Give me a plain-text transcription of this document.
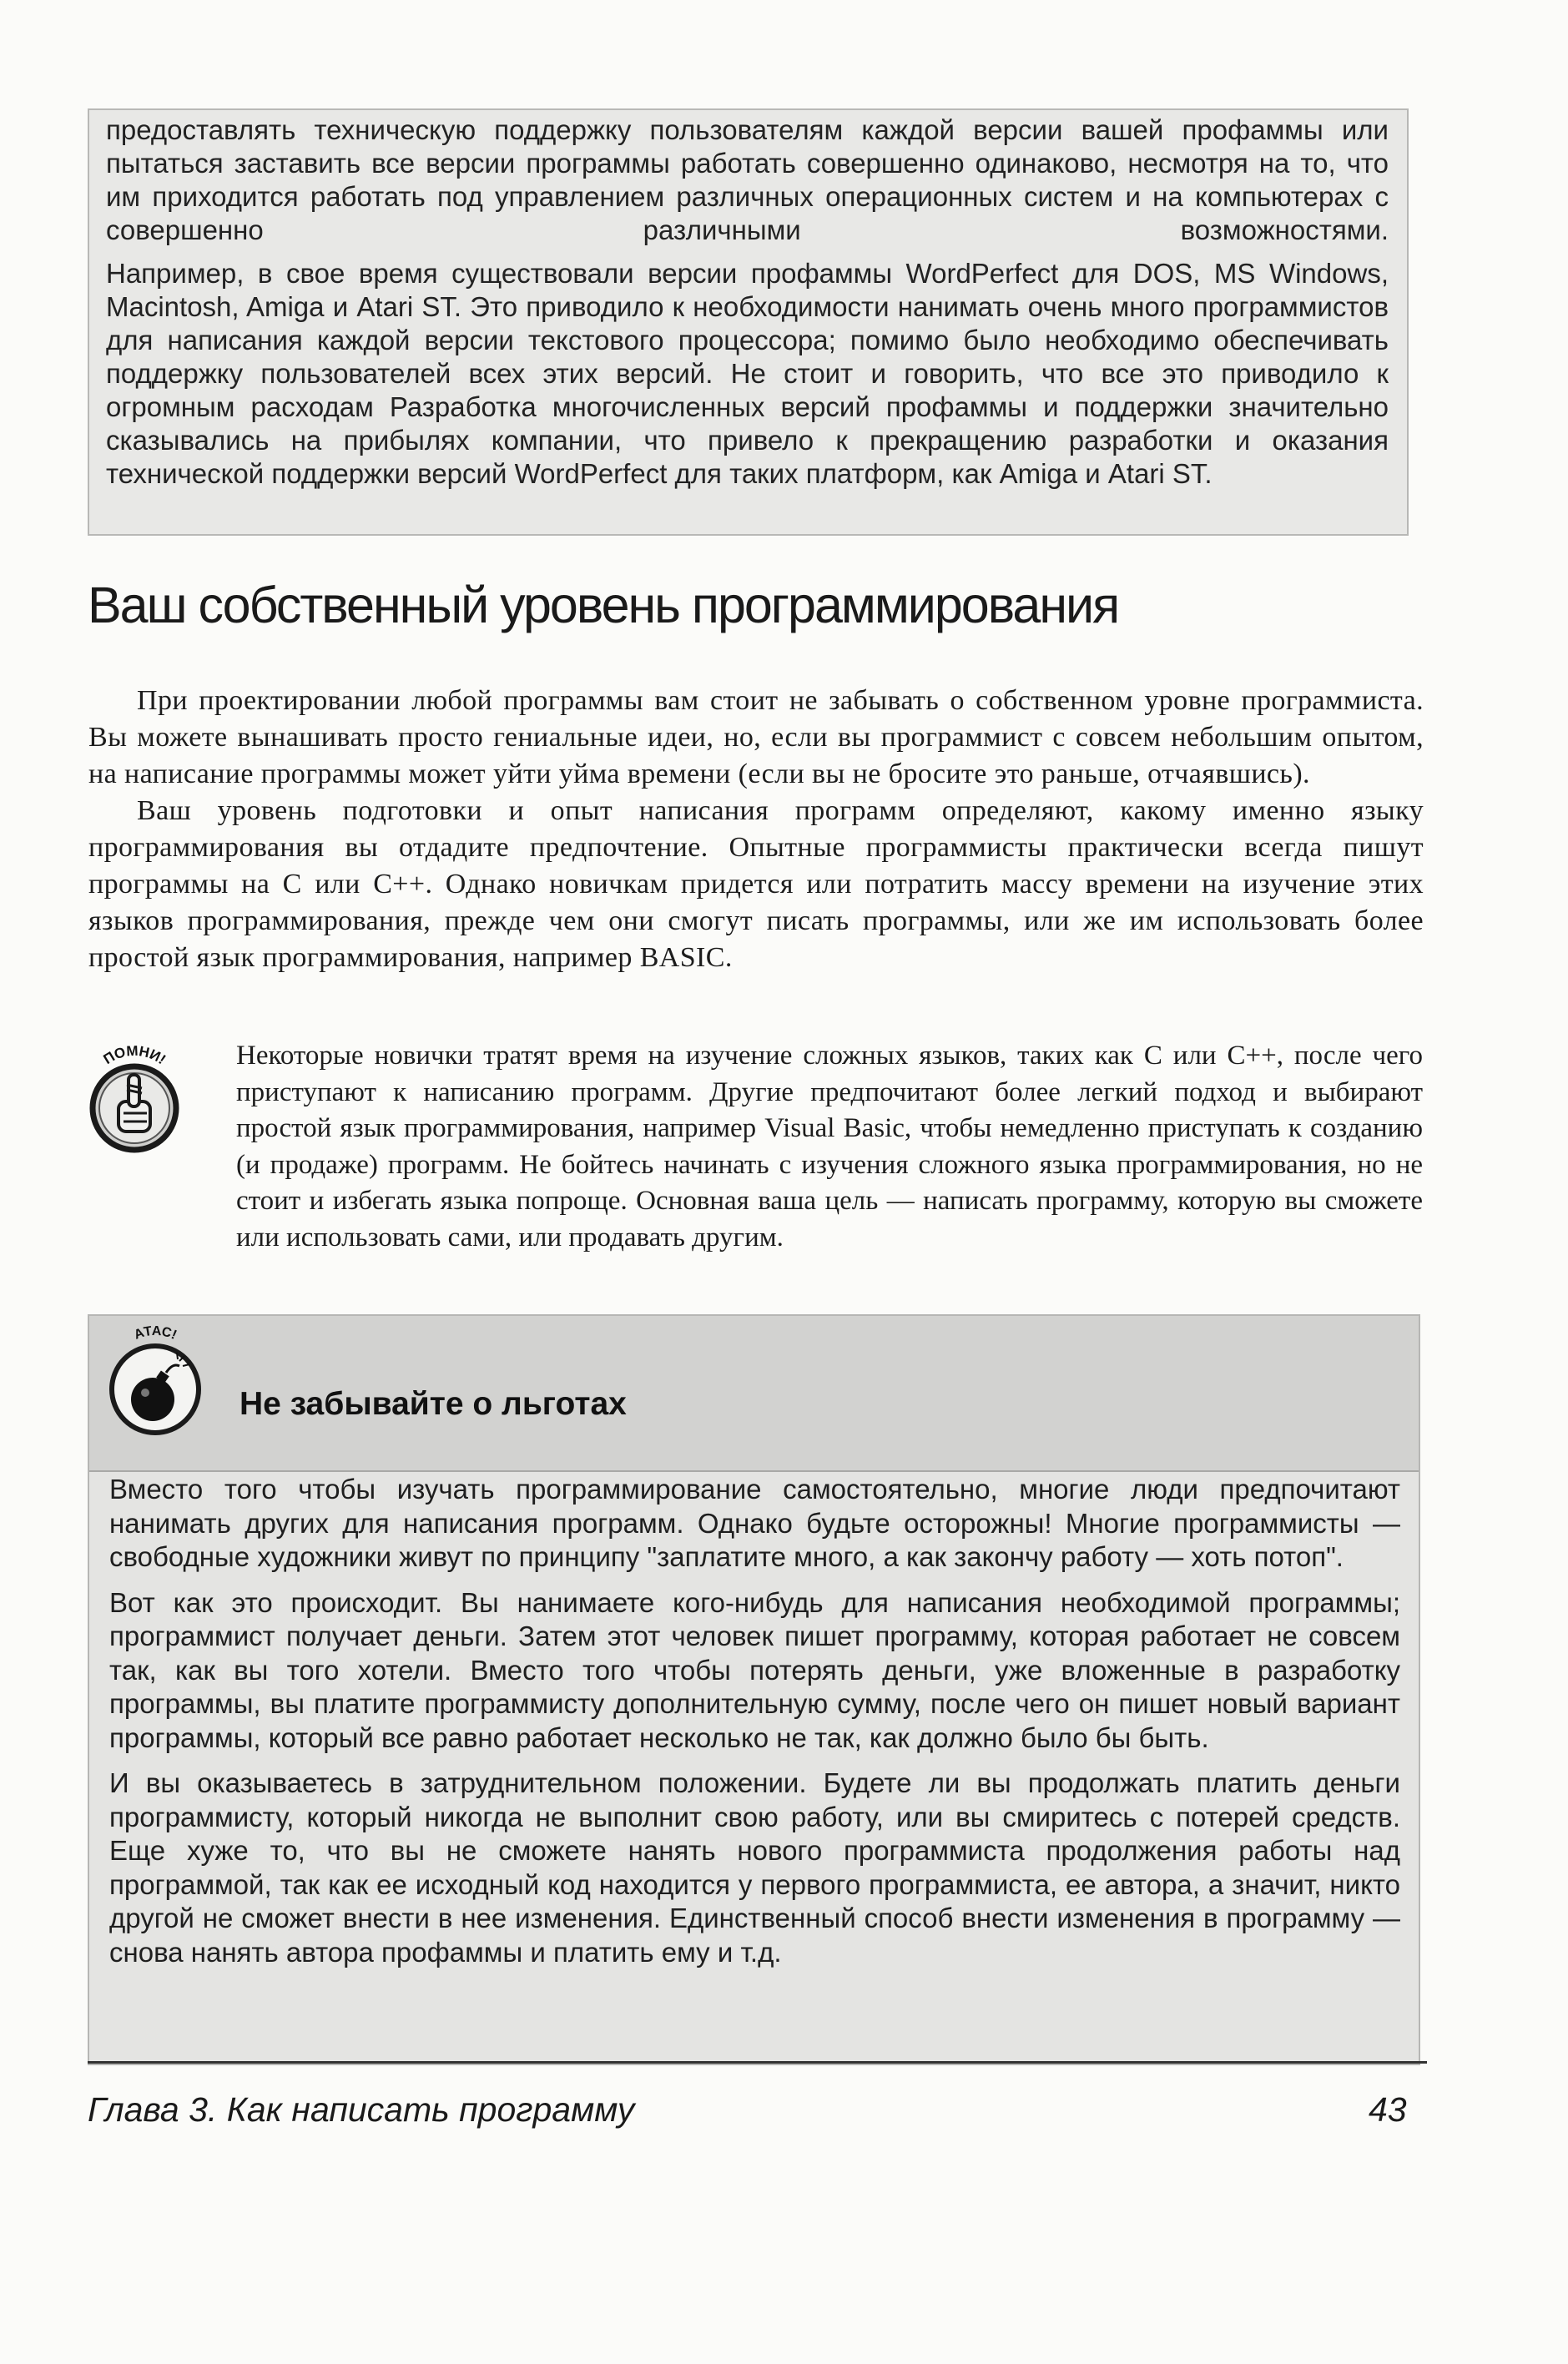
предоставлять техническую поддержку пользователям каждой версии вашей профаммы или пытаться заставить все версии программы работать совершенно одинаково, несмотря на то, что им приходится работать под управлением различных операционных систем и на компьютерах с совершенно различными возможностями.

Например, в свое время существовали версии профаммы WordPerfect для DOS, MS Windows, Macintosh, Amiga и Atari ST. Это приводило к необходимости нанимать очень много программистов для написания каждой версии текстового процессора; помимо было необходимо обеспечивать поддержку пользователей всех этих версий. Не стоит и говорить, что все это приводило к огромным расходам Разработка многочисленных версий профаммы и поддержки значительно сказывались на прибылях компании, что привело к прекращению разработки и оказания технической поддержки версий WordPerfect для таких платформ, как Amiga и Atari ST.

Ваш собственный уровень программирования

При проектировании любой программы вам стоит не забывать о собственном уровне программиста. Вы можете вынашивать просто гениальные идеи, но, если вы программист с совсем небольшим опытом, на написание программы может уйти уйма времени (если вы не бросите это раньше, отчаявшись).

Ваш уровень подготовки и опыт написания программ определяют, какому именно языку программирования вы отдадите предпочтение. Опытные программисты практически всегда пишут программы на С или С++. Однако новичкам придется или потратить массу времени на изучение этих языков программирования, прежде чем они смогут писать программы, или же им использовать более простой язык программирования, например BASIC.

ПОМНИ! Некоторые новички тратят время на изучение сложных языков, таких как С или С++, после чего приступают к написанию программ. Другие предпочитают более легкий подход и выбирают простой язык программирования, например Visual Basic, чтобы немедленно приступать к созданию (и продаже) программ. Не бойтесь начинать с изучения сложного языка программирования, но не стоит и избегать языка попроще. Основная ваша цель — написать программу, которую вы сможете или использовать сами, или продавать другим.

АТАС!
Не забывайте о льготах

Вместо того чтобы изучать программирование самостоятельно, многие люди предпочитают нанимать других для написания программ. Однако будьте осторожны! Многие программисты — свободные художники живут по принципу "заплатите много, а как закончу работу — хоть потоп".

Вот как это происходит. Вы нанимаете кого-нибудь для написания необходимой программы; программист получает деньги. Затем этот человек пишет программу, которая работает не совсем так, как вы того хотели. Вместо того чтобы потерять деньги, уже вложенные в разработку программы, вы платите программисту дополнительную сумму, после чего он пишет новый вариант программы, который все равно работает несколько не так, как должно было бы быть.

И вы оказываетесь в затруднительном положении. Будете ли вы продолжать платить деньги программисту, который никогда не выполнит свою работу, или вы смиритесь с потерей средств. Еще хуже то, что вы не сможете нанять нового программиста продолжения работы над программой, так как ее исходный код находится у первого программиста, ее автора, а значит, никто другой не сможет внести в нее изменения. Единственный способ внести изменения в программу — снова нанять автора профаммы и платить ему и т.д.

Глава 3. Как написать программу	43
